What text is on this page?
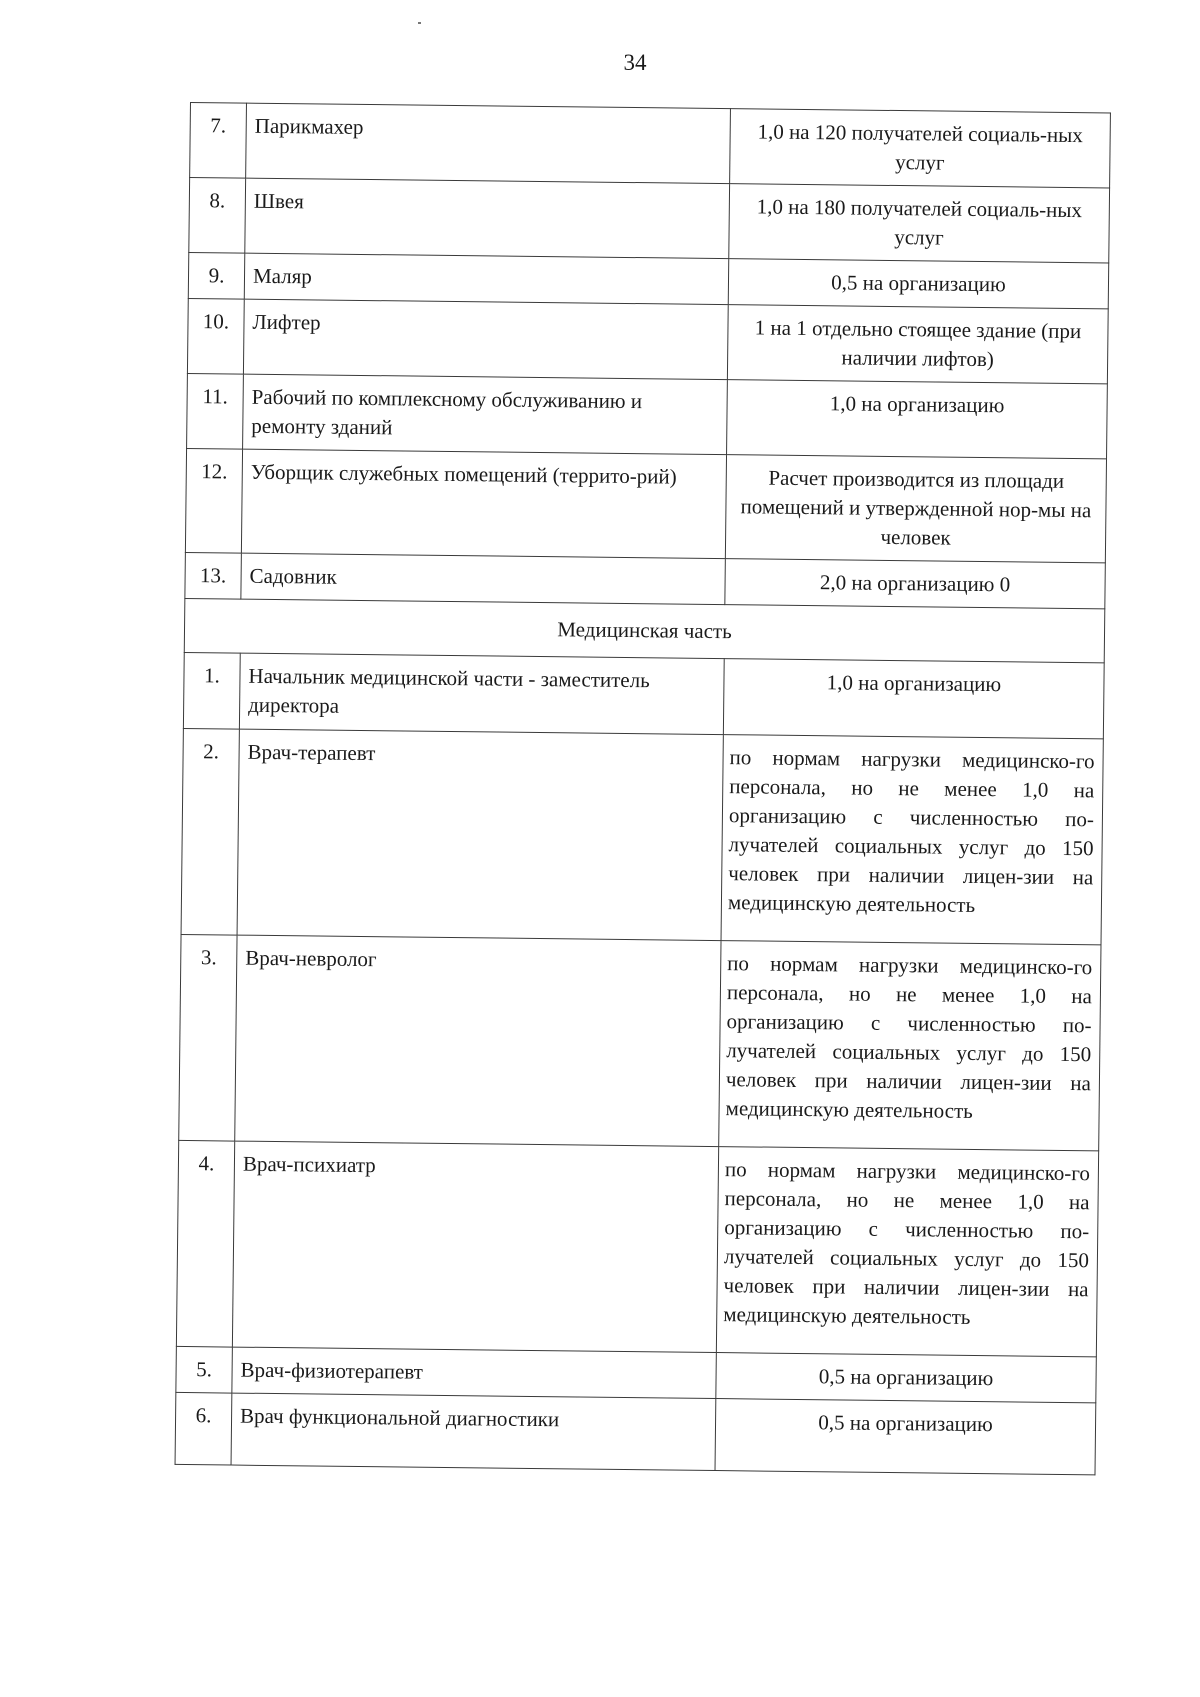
34
7.	Парикмахер	1,0 на 120 получателей социаль-ных услуг
8.	Швея	1,0 на 180 получателей социаль-ных услуг
9.	Маляр	0,5 на организацию
10.	Лифтер	1 на 1 отдельно стоящее здание (при наличии лифтов)
11.	Рабочий по комплексному обслуживанию и ремонту зданий	1,0 на организацию
12.	Уборщик служебных помещений (террито-рий)	Расчет производится из площади помещений и утвержденной нор-мы на человек
13.	Садовник	2,0 на организацию 0
Медицинская часть		
1.	Начальник медицинской части - заместитель директора	1,0 на организацию
2.	Врач-терапевт	по нормам нагрузки медицинско-го персонала, но не менее 1,0 на организацию с численностью по-лучателей социальных услуг до 150 человек при наличии лицен-зии на медицинскую деятельность
3.	Врач-невролог	по нормам нагрузки медицинско-го персонала, но не менее 1,0 на организацию с численностью по-лучателей социальных услуг до 150 человек при наличии лицен-зии на медицинскую деятельность
4.	Врач-психиатр	по нормам нагрузки медицинско-го персонала, но не менее 1,0 на организацию с численностью по-лучателей социальных услуг до 150 человек при наличии лицен-зии на медицинскую деятельность
5.	Врач-физиотерапевт	0,5 на организацию
6.	Врач функциональной диагностики	0,5 на организацию
